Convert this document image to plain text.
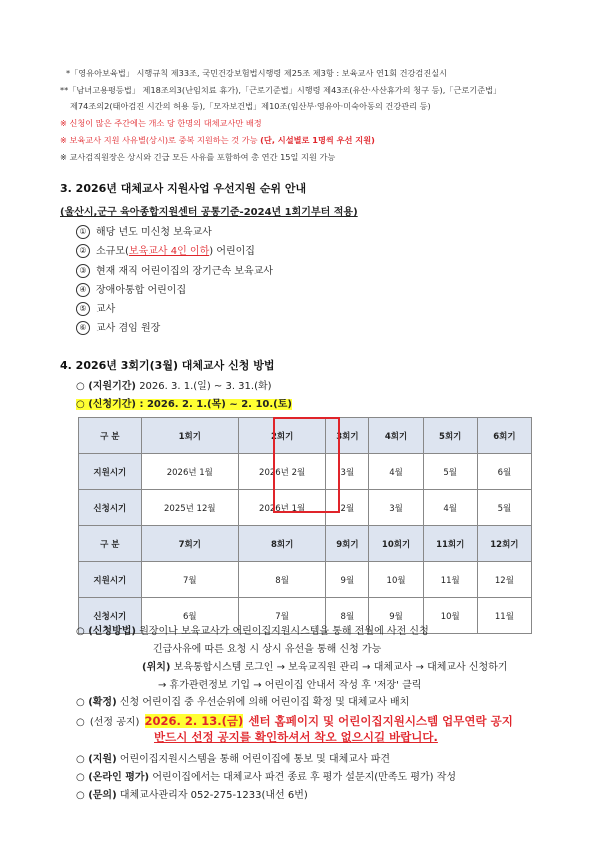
*「영유아보육법」 시행규칙 제33조, 국민건강보험법시행령 제25조 제3항 : 보육교사 연1회 건강검진실시
**「남녀고용평등법」 제18조의3(난임치료 휴가),「근로기준법」시행령 제43조(유산·사산휴가의 청구 등),「근로기준법」
제74조의2(태아검진 시간의 허용 등),「모자보건법」제10조(임산부·영유아·미숙아동의 건강관리 등)
※ 신청이 많은 주간에는 개소 당 한명의 대체교사만 배정
※ 보육교사 지원 사유별(상시)로 중복 지원하는 것 가능 (단, 시설별로 1명씩 우선 지원)
※ 교사검직원장은 상시와 긴급 모든 사유를 포함하여 총 연간 15일 지원 가능
3. 2026년 대체교사 지원사업 우선지원 순위 안내
(울산시,군구 육아종합지원센터 공통기준-2024년 1회기부터 적용)
① 해당 년도 미신청 보육교사
② 소규모(보육교사 4인 이하) 어린이집
③ 현재 재직 어린이집의 장기근속 보육교사
④ 장애아통합 어린이집
⑤ 교사
⑥ 교사 겸임 원장
4. 2026년 3회기(3월) 대체교사 신청 방법
○ (지원기간) 2026. 3. 1.(일) ~ 3. 31.(화)
○ (신청기간) : 2026. 2. 1.(목) ~ 2. 10.(토)
구 분	1회기	2회기	3회기	4회기	5회기	6회기
지원시기	2026년 1월	2026년 2월	3월	4월	5월	6월
신청시기	2025년 12월	2026년 1월	2월	3월	4월	5월
구 분	7회기	8회기	9회기	10회기	11회기	12회기
지원시기	7월	8월	9월	10월	11월	12월
신청시기	6월	7월	8월	9월	10월	11월
○ (신청방법) 원장이나 보육교사가 어린이집지원시스템을 통해 전월에 사전 신청
긴급사유에 따른 요청 시 상시 유선을 통해 신청 가능
(위치) 보육통합시스템 로그인 → 보육교직원 관리 → 대체교사 → 대체교사 신청하기
→ 휴가관련정보 기입 → 어린이집 안내서 작성 후 '저장' 클릭
○ (확정) 신청 어린이집 중 우선순위에 의해 어린이집 확정 및 대체교사 배치
○ (선정 공지) 2026. 2. 13.(금) 센터 홈페이지 및 어린이집지원시스템 업무연락 공지
반드시 선정 공지를 확인하셔서 착오 없으시길 바랍니다.
○ (지원) 어린이집지원시스템을 통해 어린이집에 통보 및 대체교사 파견
○ (온라인 평가) 어린이집에서는 대체교사 파견 종료 후 평가 설문지(만족도 평가) 작성
○ (문의) 대체교사관리자 052-275-1233(내선 6번)
